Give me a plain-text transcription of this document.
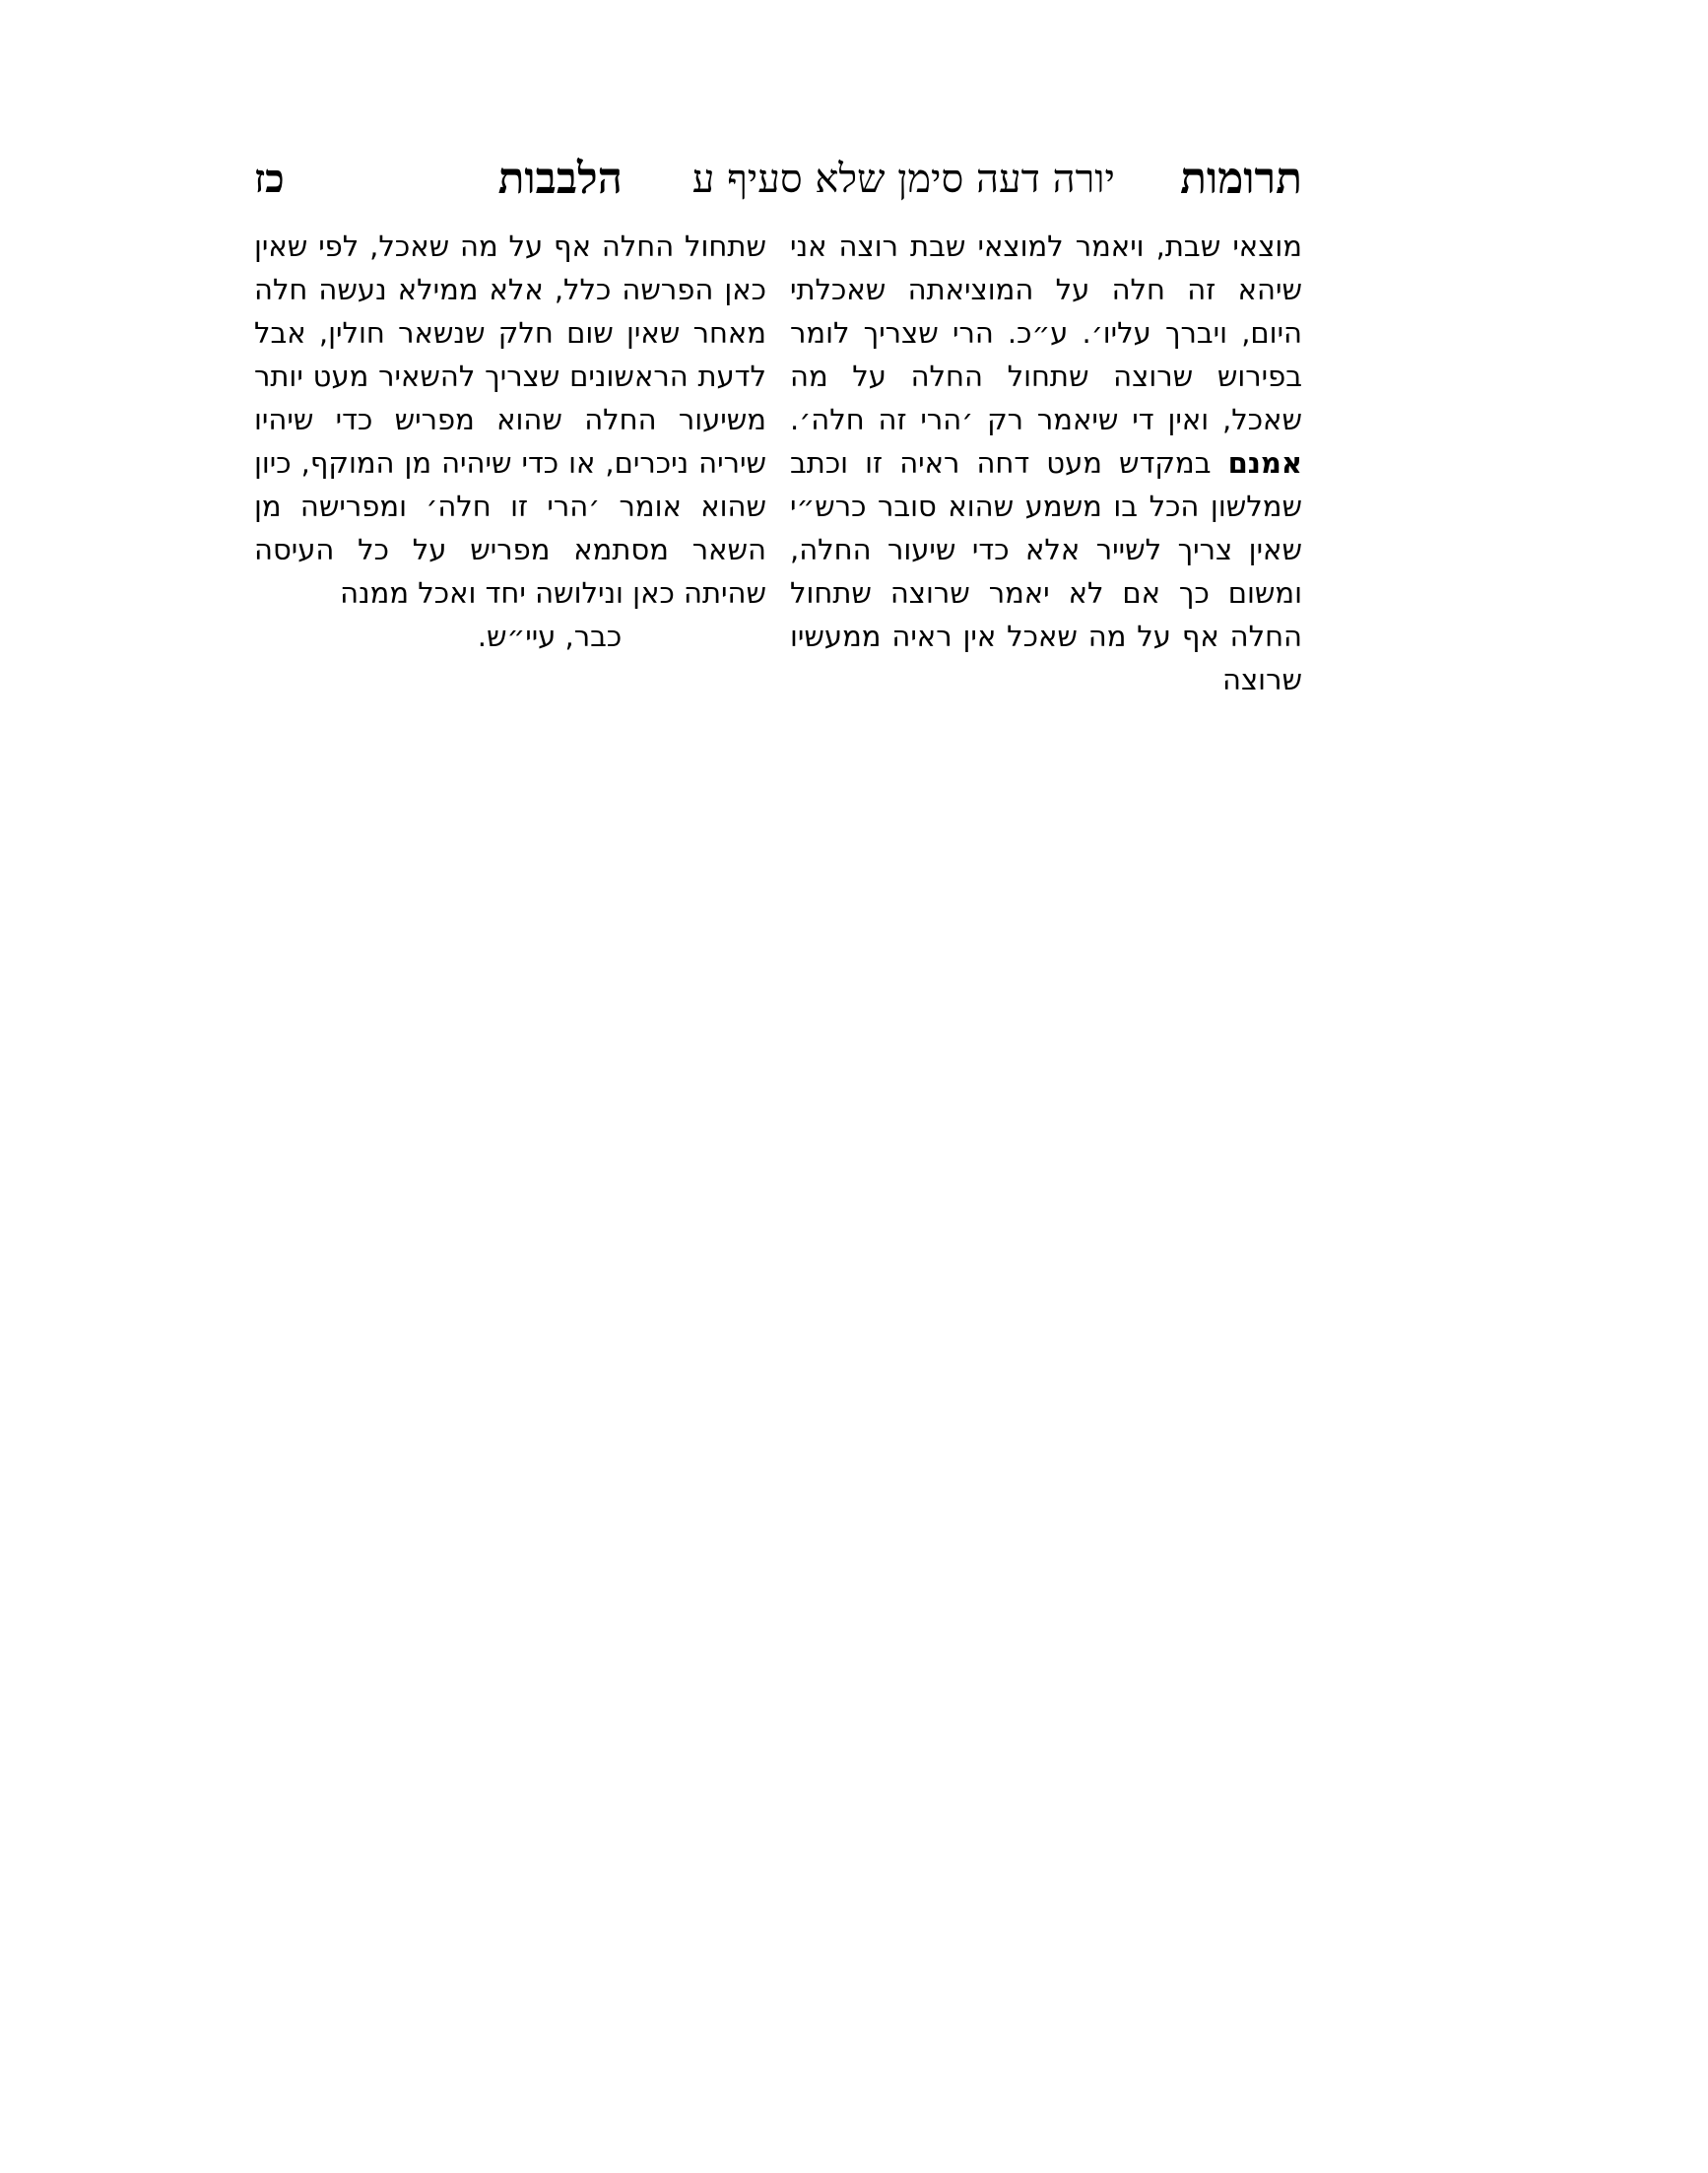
תרומות
יורה דעה סימן שלא סעיף ע
הלבבות
כז
מוצאי שבת, ויאמר למוצאי שבת רוצה אני שיהא זה חלה על המוציאתה שאכלתי היום, ויברך עליו׳. ע״כ. הרי שצריך לומר בפירוש שרוצה שתחול החלה על מה שאכל, ואין די שיאמר רק ׳הרי זה חלה׳. אמנם במקדש מעט דחה ראיה זו וכתב שמלשון הכל בו משמע שהוא סובר כרש״י שאין צריך לשייר אלא כדי שיעור החלה, ומשום כך אם לא יאמר שרוצה שתחול החלה אף על מה שאכל אין ראיה ממעשיו שרוצה
שתחול החלה אף על מה שאכל, לפי שאין כאן הפרשה כלל, אלא ממילא נעשה חלה מאחר שאין שום חלק שנשאר חולין, אבל לדעת הראשונים שצריך להשאיר מעט יותר משיעור החלה שהוא מפריש כדי שיהיו שיריה ניכרים, או כדי שיהיה מן המוקף, כיון שהוא אומר ׳הרי זו חלה׳ ומפרישה מן השאר מסתמא מפריש על כל העיסה שהיתה כאן ונילושה יחד ואכל ממנה
כבר, עיי״ש.
